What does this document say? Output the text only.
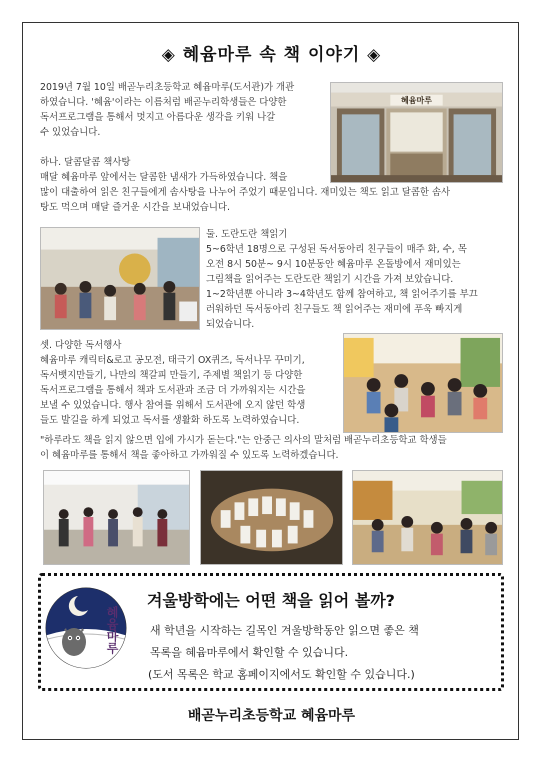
◈ 혜윰마루 속 책 이야기 ◈

2019년 7월 10일 배곧누리초등학교 혜윰마루(도서관)가 개관

하였습니다. '혜윰'이라는 이름처럼 배곧누리학생들은 다양한

독서프로그램을 통해서 멋지고 아름다운 생각을 키워 나갈

수 있었습니다.

혜윰마루

하나. 달콤달콤 책사탕

매달 혜윰마루 앞에서는 달콤한 냄새가 가득하였습니다. 책을

많이 대출하여 읽은 친구들에게 솜사탕을 나누어 주었기 때문입니다. 재미있는 책도 읽고 달콤한 솜사

탕도 먹으며 매달 즐거운 시간을 보내었습니다.

둘. 도란도란 책읽기

5~6학년 18명으로 구성된 독서동아리 친구들이 매주 화, 수, 목

오전 8시 50분~ 9시 10분동안 혜윰마루 온돌방에서 재미있는

그림책을 읽어주는 도란도란 책읽기 시간을 가져 보았습니다.

1~2학년뿐 아니라 3~4학년도 함께 참여하고, 책 읽어주기를 부끄

러워하던 독서동아리 친구들도 책 읽어주는 재미에 푸욱 빠지게

되었습니다.

셋. 다양한 독서행사

혜윰마루 캐릭터&로고 공모전, 태극기 OX퀴즈, 독서나무 꾸미기,

독서뱃지만들기, 나만의 책갈피 만들기, 주제별 책읽기 등 다양한

독서프로그램을 통해서 책과 도서관과 조금 더 가까워지는 시간을

보낼 수 있었습니다. 행사 참여를 위해서 도서관에 오지 않던 학생

들도 발길을 하게 되었고 독서를 생활화 하도록 노력하였습니다.

"하루라도 책을 읽지 않으면 입에 가시가 돋는다."는 안중근 의사의 말처럼 배곧누리초등학교 학생들

이 혜윰마루를 통해서 책을 좋아하고 가까워질 수 있도록 노력하겠습니다.

혜윰마루
겨울방학에는 어떤 책을 읽어 볼까?
새 학년을 시작하는 길목인 겨울방학동안 읽으면 좋은 책
목록을 혜윰마루에서 확인할 수 있습니다.
(도서 목록은 학교 홈페이지에서도 확인할 수 있습니다.)
배곧누리초등학교 혜윰마루
